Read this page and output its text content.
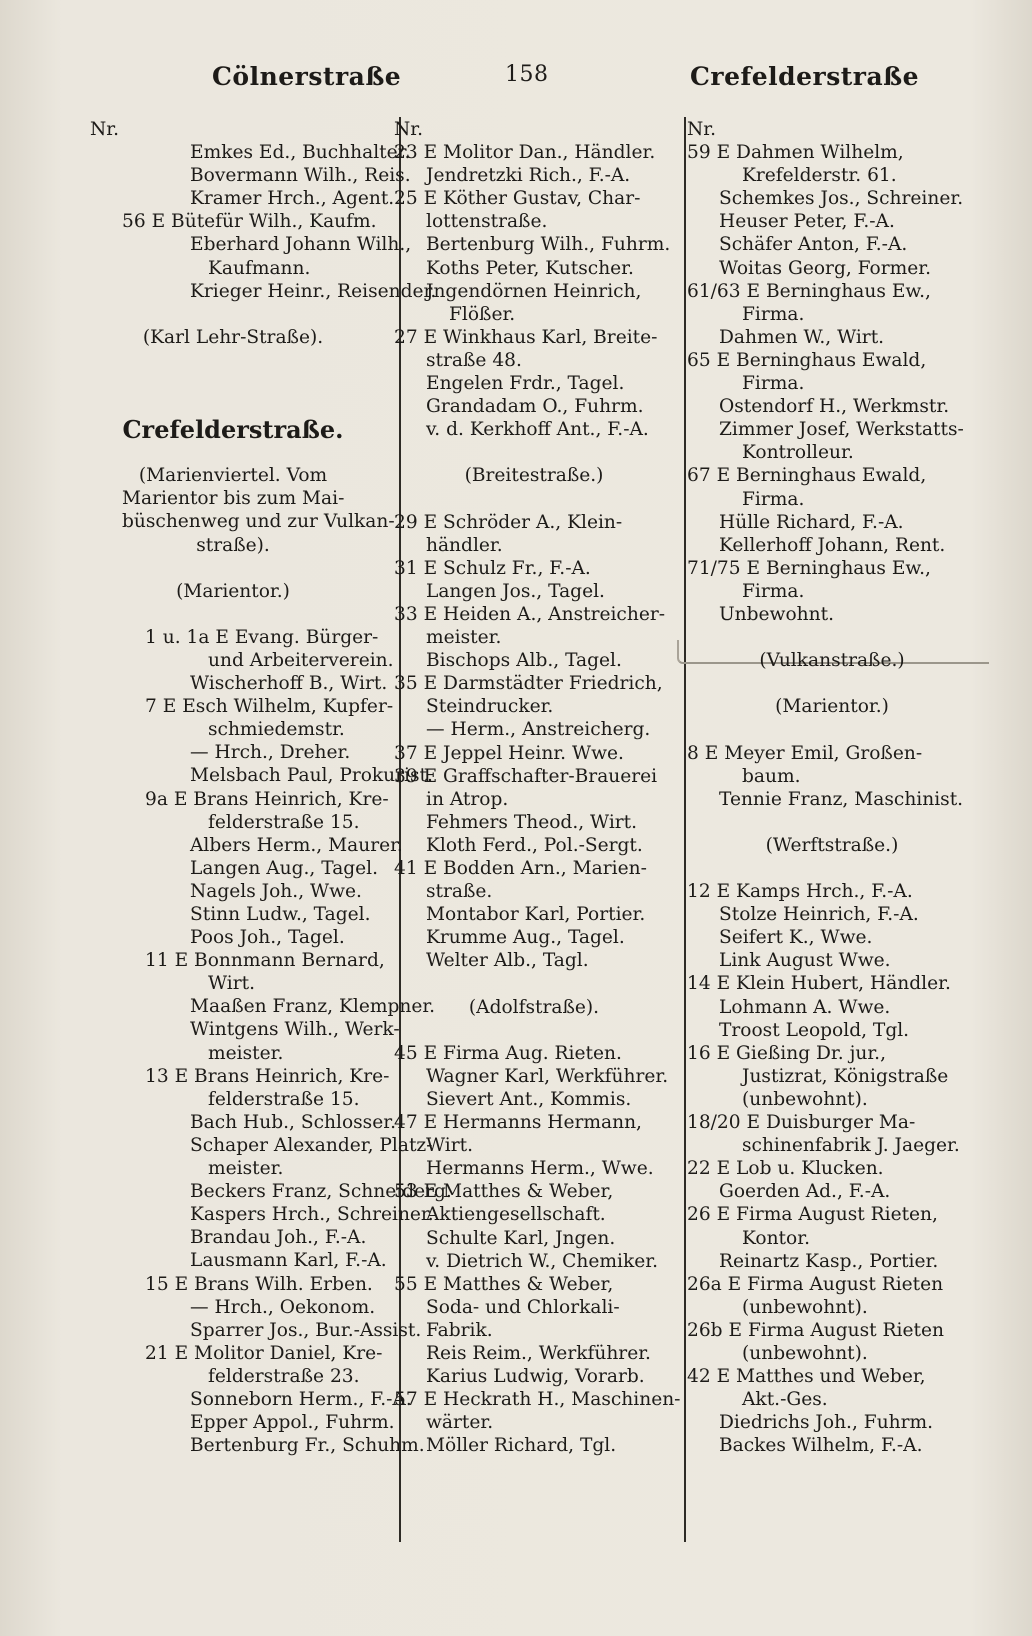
Cölnerstraße	158	Crefelderstraße
Nr.
Emkes Ed., Buchhalter.
Bovermann Wilh., Reis.
Kramer Hrch., Agent.
56 E Bütefür Wilh., Kaufm.
Eberhard Johann Wilh.,
Kaufmann.
Krieger Heinr., Reisender.
(Karl Lehr-Straße).
Crefelderstraße.
(Marienviertel. Vom
Marientor bis zum Mai-
büschenweg und zur Vulkan-
straße).
(Marientor.)
1 u. 1a E Evang. Bürger-
und Arbeiterverein.
Wischerhoff B., Wirt.
7 E Esch Wilhelm, Kupfer-
schmiedemstr.
— Hrch., Dreher.
Melsbach Paul, Prokurist.
9a E Brans Heinrich, Kre-
felderstraße 15.
Albers Herm., Maurer.
Langen Aug., Tagel.
Nagels Joh., Wwe.
Stinn Ludw., Tagel.
Poos Joh., Tagel.
11 E Bonnmann Bernard,
Wirt.
Maaßen Franz, Klempner.
Wintgens Wilh., Werk-
meister.
13 E Brans Heinrich, Kre-
felderstraße 15.
Bach Hub., Schlosser.
Schaper Alexander, Platz-
meister.
Beckers Franz, Schneiderg.
Kaspers Hrch., Schreiner.
Brandau Joh., F.-A.
Lausmann Karl, F.-A.
15 E Brans Wilh. Erben.
— Hrch., Oekonom.
Sparrer Jos., Bur.-Assist.
21 E Molitor Daniel, Kre-
felderstraße 23.
Sonneborn Herm., F.-A.
Epper Appol., Fuhrm.
Bertenburg Fr., Schuhm.
Nr.
23 E Molitor Dan., Händler.
Jendretzki Rich., F.-A.
25 E Köther Gustav, Char-
lottenstraße.
Bertenburg Wilh., Fuhrm.
Koths Peter, Kutscher.
Jngendörnen Heinrich,
Flößer.
27 E Winkhaus Karl, Breite-
straße 48.
Engelen Frdr., Tagel.
Grandadam O., Fuhrm.
v. d. Kerkhoff Ant., F.-A.
(Breitestraße.)
29 E Schröder A., Klein-
händler.
31 E Schulz Fr., F.-A.
Langen Jos., Tagel.
33 E Heiden A., Anstreicher-
meister.
Bischops Alb., Tagel.
35 E Darmstädter Friedrich,
Steindrucker.
— Herm., Anstreicherg.
37 E Jeppel Heinr. Wwe.
39 E Graffschafter-Brauerei
in Atrop.
Fehmers Theod., Wirt.
Kloth Ferd., Pol.-Sergt.
41 E Bodden Arn., Marien-
straße.
Montabor Karl, Portier.
Krumme Aug., Tagel.
Welter Alb., Tagl.
(Adolfstraße).
45 E Firma Aug. Rieten.
Wagner Karl, Werkführer.
Sievert Ant., Kommis.
47 E Hermanns Hermann,
Wirt.
Hermanns Herm., Wwe.
53 E Matthes & Weber,
Aktiengesellschaft.
Schulte Karl, Jngen.
v. Dietrich W., Chemiker.
55 E Matthes & Weber,
Soda- und Chlorkali-
Fabrik.
Reis Reim., Werkführer.
Karius Ludwig, Vorarb.
57 E Heckrath H., Maschinen-
wärter.
Möller Richard, Tgl.
Nr.
59 E Dahmen Wilhelm,
Krefelderstr. 61.
Schemkes Jos., Schreiner.
Heuser Peter, F.-A.
Schäfer Anton, F.-A.
Woitas Georg, Former.
61/63 E Berninghaus Ew.,
Firma.
Dahmen W., Wirt.
65 E Berninghaus Ewald,
Firma.
Ostendorf H., Werkmstr.
Zimmer Josef, Werkstatts-
Kontrolleur.
67 E Berninghaus Ewald,
Firma.
Hülle Richard, F.-A.
Kellerhoff Johann, Rent.
71/75 E Berninghaus Ew.,
Firma.
Unbewohnt.
(Vulkanstraße.)
(Marientor.)
8 E Meyer Emil, Großen-
baum.
Tennie Franz, Maschinist.
(Werftstraße.)
12 E Kamps Hrch., F.-A.
Stolze Heinrich, F.-A.
Seifert K., Wwe.
Link August Wwe.
14 E Klein Hubert, Händler.
Lohmann A. Wwe.
Troost Leopold, Tgl.
16 E Gießing Dr. jur.,
Justizrat, Königstraße
(unbewohnt).
18/20 E Duisburger Ma-
schinenfabrik J. Jaeger.
22 E Lob u. Klucken.
Goerden Ad., F.-A.
26 E Firma August Rieten,
Kontor.
Reinartz Kasp., Portier.
26a E Firma August Rieten
(unbewohnt).
26b E Firma August Rieten
(unbewohnt).
42 E Matthes und Weber,
Akt.-Ges.
Diedrichs Joh., Fuhrm.
Backes Wilhelm, F.-A.
